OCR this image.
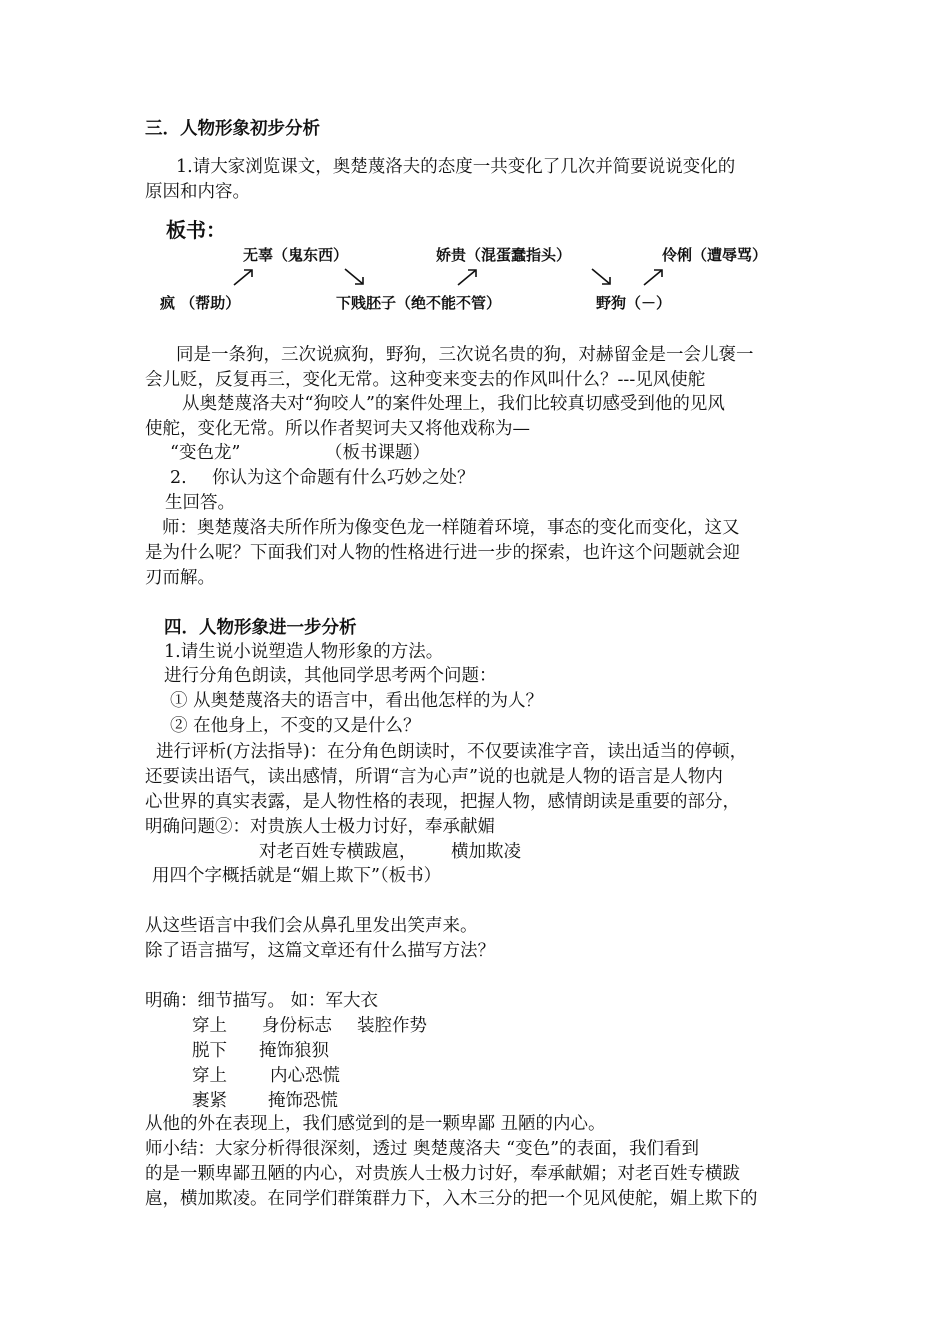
三．人物形象初步分析
1.请大家浏览课文，奥楚蔑洛夫的态度一共变化了几次并简要说说变化的
原因和内容。
板书：
无辜（鬼东西）	娇贵（混蛋蠢指头）	伶俐（遭辱骂）
疯 （帮助）	下贱胚子（绝不能不管）	野狗（－）
同是一条狗，三次说疯狗，野狗，三次说名贵的狗，对赫留金是一会儿褒一
会儿贬，反复再三，变化无常。这种变来变去的作风叫什么？---见风使舵
从奥楚蔑洛夫对“狗咬人”的案件处理上，我们比较真切感受到他的见风
使舵，变化无常。所以作者契诃夫又将他戏称为—
“变色龙”	（板书课题）
2. 你认为这个命题有什么巧妙之处？
生回答。
师：奥楚蔑洛夫所作所为像变色龙一样随着环境，事态的变化而变化，这又
是为什么呢？下面我们对人物的性格进行进一步的探索，也许这个问题就会迎
刃而解。
四．人物形象进一步分析
1.请生说小说塑造人物形象的方法。
进行分角色朗读，其他同学思考两个问题：
① 从奥楚蔑洛夫的语言中，看出他怎样的为人？
② 在他身上，不变的又是什么？
进行评析(方法指导)：在分角色朗读时，不仅要读准字音，读出适当的停顿，
还要读出语气，读出感情，所谓“言为心声”说的也就是人物的语言是人物内
心世界的真实表露，是人物性格的表现，把握人物，感情朗读是重要的部分，
明确问题②：对贵族人士极力讨好，奉承献媚
对老百姓专横跋扈， 横加欺凌
用四个字概括就是“媚上欺下”（板书）
从这些语言中我们会从鼻孔里发出笑声来。
除了语言描写，这篇文章还有什么描写方法？
明确：细节描写。 如：军大衣
穿上 身份标志 装腔作势
脱下 掩饰狼狈
穿上 内心恐慌
裹紧 掩饰恐慌
从他的外在表现上，我们感觉到的是一颗卑鄙 丑陋的内心。
师小结：大家分析得很深刻，透过 奥楚蔑洛夫 “变色”的表面，我们看到
的是一颗卑鄙丑陋的内心，对贵族人士极力讨好，奉承献媚；对老百姓专横跋
扈，横加欺凌。在同学们群策群力下，入木三分的把一个见风使舵，媚上欺下的
